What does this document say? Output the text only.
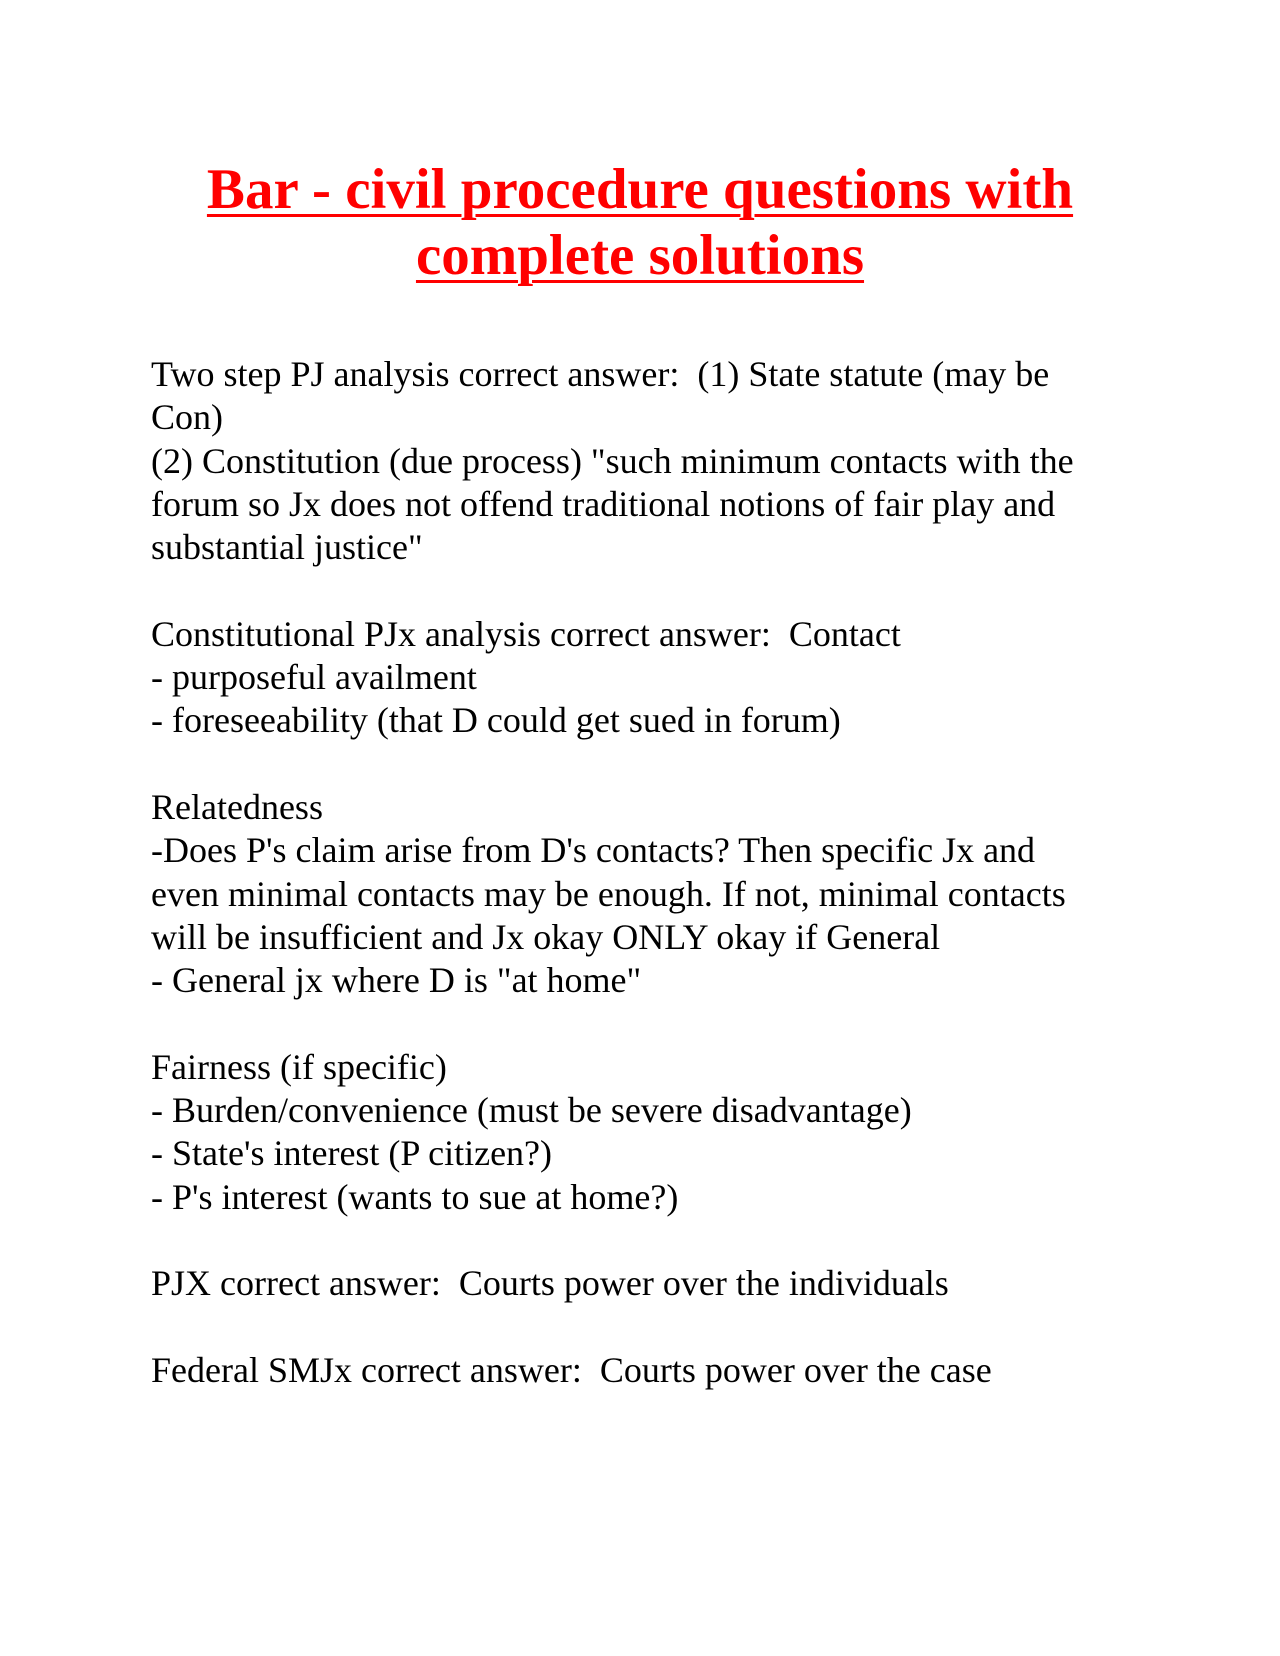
Bar - civil procedure questions with
complete solutions
Two step PJ analysis correct answer:  (1) State statute (may be
Con)
(2) Constitution (due process) "such minimum contacts with the
forum so Jx does not offend traditional notions of fair play and
substantial justice"
Constitutional PJx analysis correct answer:  Contact
- purposeful availment
- foreseeability (that D could get sued in forum)
Relatedness
-Does P's claim arise from D's contacts? Then specific Jx and
even minimal contacts may be enough. If not, minimal contacts
will be insufficient and Jx okay ONLY okay if General
- General jx where D is "at home"
Fairness (if specific)
- Burden/convenience (must be severe disadvantage)
- State's interest (P citizen?)
- P's interest (wants to sue at home?)
PJX correct answer:  Courts power over the individuals
Federal SMJx correct answer:  Courts power over the case
